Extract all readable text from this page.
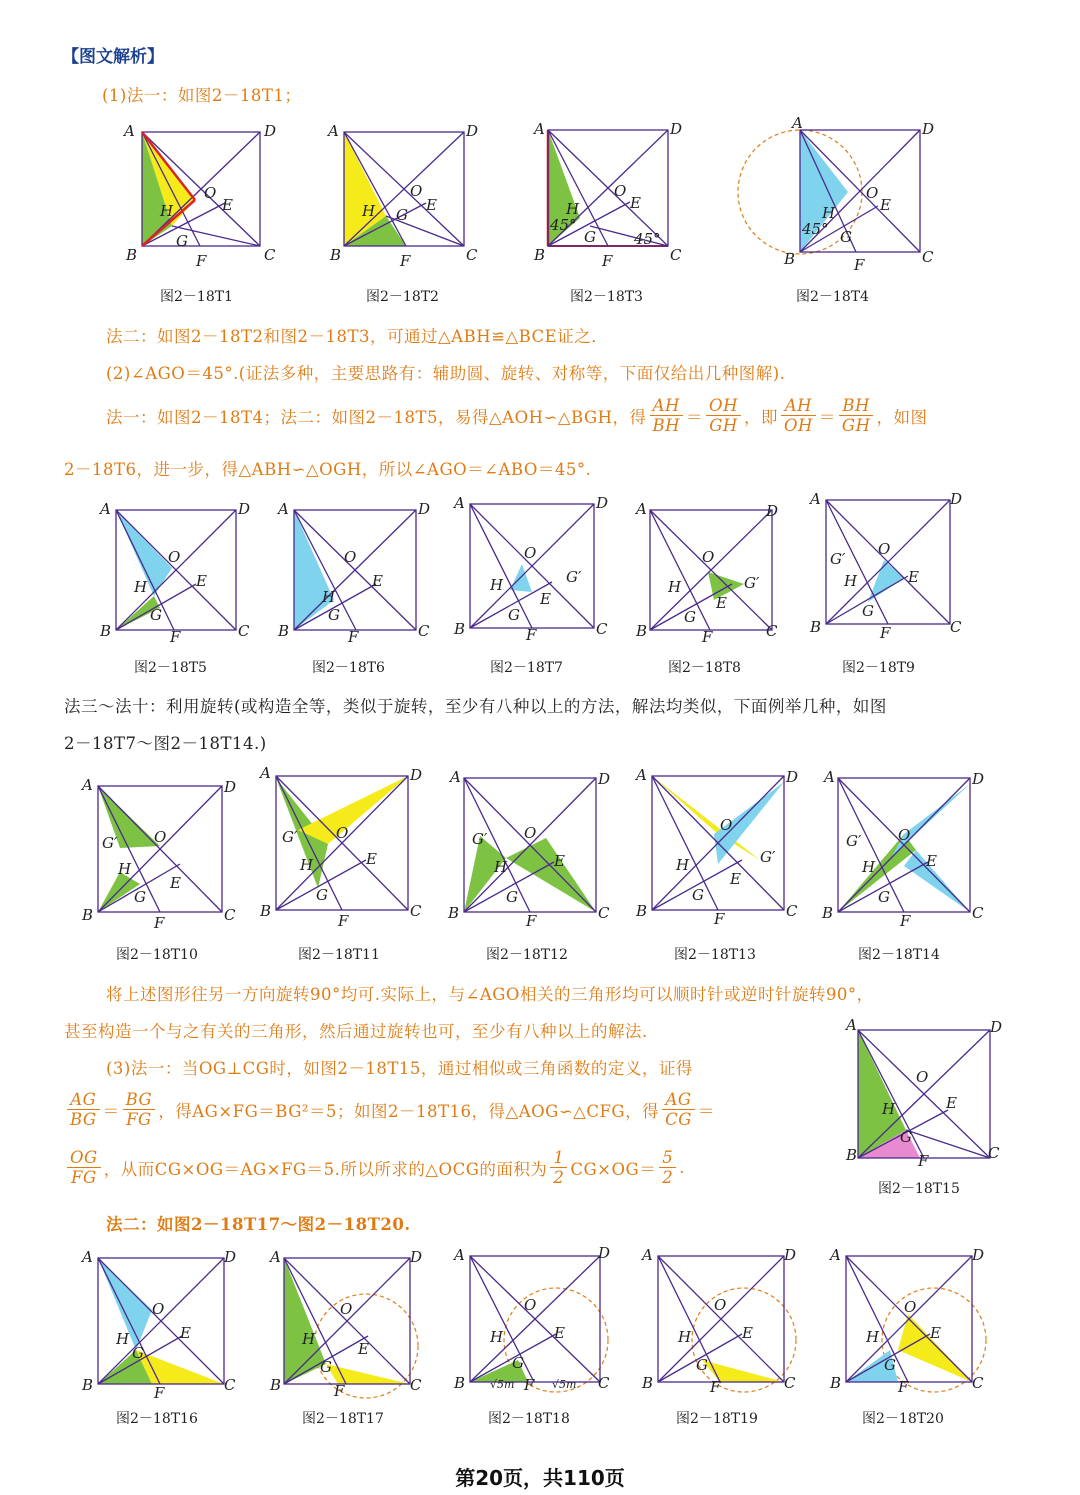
【图文解析】
(1)法一：如图2－18T1；
A	D
B	C
O
E
H
G
F
图2－18T1
A	D
B	C
O
E
H G
F
图2－18T2
A	D
B	C
O
E
H
G
F
45°
45°
图2－18T3
A	D
B	C
O
E
H
G
F
45°
图2－18T4
法二：如图2－18T2和图2－18T3，可通过△ABH≌△BCE证之．
(2)∠AGO＝45°.(证法多种，主要思路有：辅助圆、旋转、对称等，下面仅给出几种图解).
法一：如图2－18T4；法二：如图2－18T5，易得△AOH∽△BGH，得 $\frac{AH}{BH} = \frac{OH}{GH}$ ，即 $\frac{AH}{OH} = \frac{BH}{GH}$ ，如图
2－18T6，进一步，得△ABH∽△OGH，所以∠AGO＝∠ABO＝45°.
A	D
B	C
O
E
H
G
F
图2－18T5
A	D
B	C
O
E
H
G
F
图2－18T6
A	D
B	C
O
E
H
G
F
G′
图2－18T7
A	D
B	C
O
E
H
G
F
G′
图2－18T8
A	D
B	C
O
E
H
G
F
G′
图2－18T9
法三～法十：利用旋转(或构造全等，类似于旋转，至少有八种以上的方法，解法均类似，下面例举几种，如图
2－18T7～图2－18T14.)
A	D
B	C
O
E
H
G
F
G′
图2－18T10
A	D
B	C
O
E
H
G
F
G′
图2－18T11
A	D
B	C
O
E
H
G
F
G′
图2－18T12
A	D
B	C
O
E
H
G
F
G′
图2－18T13
A	D
B	C
O
E
H
G
F
G′
图2－18T14
将上述图形往另一方向旋转90°均可.实际上，与∠AGO相关的三角形均可以顺时针或逆时针旋转90°，
甚至构造一个与之有关的三角形，然后通过旋转也可，至少有八种以上的解法.
(3)法一：当OG⊥CG时，如图2－18T15，通过相似或三角函数的定义，证得
$\frac{AG}{BG} = \frac{BG}{FG}$ ，得AG×FG＝BG²＝5；如图2－18T16，得△AOG∽△CFG，得 $\frac{AG}{CG}$ ＝
$\frac{OG}{FG}$ ，从而CG×OG＝AG×FG＝5.所以所求的△OCG的面积为 $\frac{1}{2} CG\times OG= \frac{5}{2}$ .
A	D
B	C
O
E
H
G
F
图2－18T15
法二：如图2－18T17～图2－18T20.
A	D
B	C
O
E
H
G
F
图2－18T16
A	D
B	C
O
E
H
G
F
图2－18T17
A	D
B	C
O
E
H
G
F
√5m	√5m
图2－18T18
A	D
B	C
O
E
H
G
F
图2－18T19
A	D
B	C
O
E
H
G
F
图2－18T20
第20页，共110页
